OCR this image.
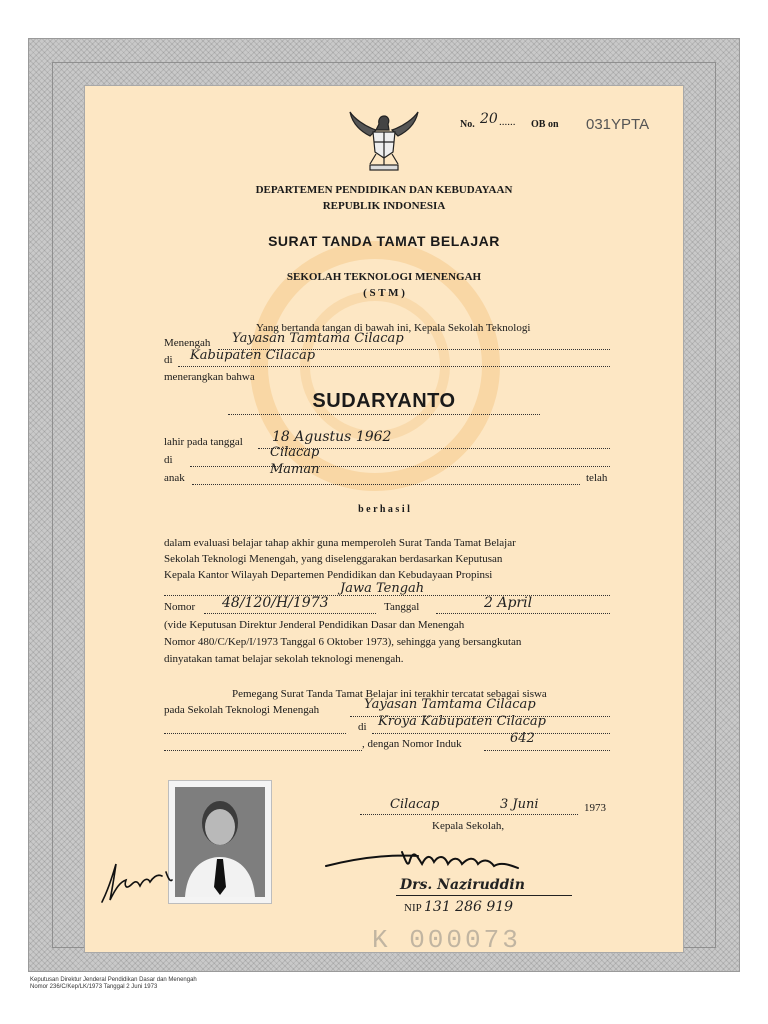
No. 20 ...... OB on 031YPTA
DEPARTEMEN PENDIDIKAN DAN KEBUDAYAAN
REPUBLIK INDONESIA
SURAT TANDA TAMAT BELAJAR
SEKOLAH TEKNOLOGI MENENGAH
( S T M )
Yang bertanda tangan di bawah ini, Kepala Sekolah Teknologi
Menengah Yayasan Tamtama Cilacap
di Kabupaten Cilacap
menerangkan bahwa
SUDARYANTO
lahir pada tanggal 18 Agustus 1962
di	Cilacap
anak
Maman
telah
b e r h a s i l
dalam evaluasi belajar tahap akhir guna memperoleh Surat Tanda Tamat Belajar
Sekolah Teknologi Menengah, yang diselenggarakan berdasarkan Keputusan
Kepala Kantor Wilayah Departemen Pendidikan dan Kebudayaan Propinsi
Jawa Tengah
Nomor 48/120/H/1973	Tanggal	2 April
(vide Keputusan Direktur Jenderal Pendidikan Dasar dan Menengah
Nomor 480/C/Kep/I/1973 Tanggal 6 Oktober 1973), sehingga yang bersangkutan
dinyatakan tamat belajar sekolah teknologi menengah.
Pemegang Surat Tanda Tamat Belajar ini terakhir tercatat sebagai siswa
pada Sekolah Teknologi Menengah	Yayasan Tamtama Cilacap
di Kroya Kabupaten Cilacap
, dengan Nomor Induk	642
Cilacap	3 Juni	1973
Kepala Sekolah,
Drs. Naziruddin
NIP 131 286 919
K 000073
Keputusan Direktur Jenderal Pendidikan Dasar dan Menengah
Nomor 236/C/Kep/LK/1973 Tanggal 2 Juni 1973
